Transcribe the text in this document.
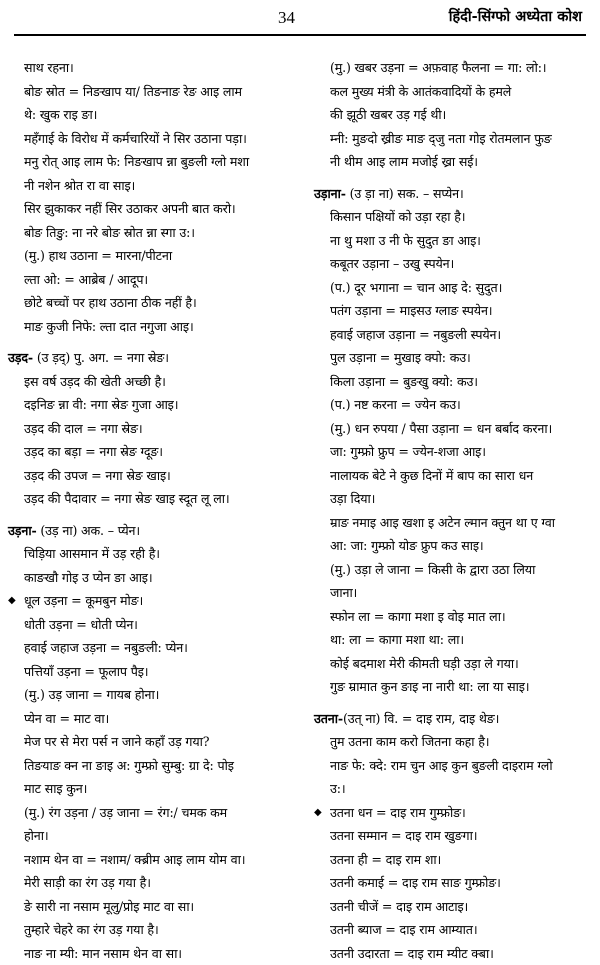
34	हिंदी-सिंग्फो अध्येता कोश
साथ रहना।
बोङ स्रोत = निङखाप या/ तिङनाङ रेङ आइ लाम
थे: खुक राइ ङा।
महँगाई के विरोध में कर्मचारियों ने सिर उठाना पड़ा।
मनु रोत् आइ लाम फे: निङखाप न्ना बुङली ग्लो मशा
नी नशेन श्रोत रा वा साइ।
सिर झुकाकर नहीं सिर उठाकर अपनी बात करो।
बोङ तिङु: ना नरे बोङ स्रोत न्ना स्गा उ:।
(मु.) हाथ उठाना = मारना/पीटना
ल्ता ओ: = आब्रेब / आदूप।
छोटे बच्चों पर हाथ उठाना ठीक नहीं है।
माङ कुजी निफे: ल्ता दात नगुजा आइ।
उड़द- (उ ड़द्) पु. अग. = नगा स्रेङ।
इस वर्ष उड़द की खेती अच्छी है।
दइनिङ न्ना वी: नगा स्रेङ गुजा आइ।
उड़द की दाल = नगा स्रेङ।
उड़द का बड़ा = नगा स्रेङ ग्दूङ।
उड़द की उपज = नगा स्रेङ खाइ।
उड़द की पैदावार = नगा स्रेङ खाइ स्दूत लू ला।
उड़ना- (उड़ ना) अक. – प्येन।
चिड़िया आसमान में उड़ रही है।
काङखौ गोइ उ प्येन ङा आइ।
◆ धूल उड़ना = कूमबुन मोङ।
धोती उड़ना = धोती प्येन।
हवाई जहाज उड़ना = नबुङली: प्येन।
पत्तियाँ उड़ना = फूलाप पैइ।
(मु.) उड़ जाना = गायब होना।
प्येन वा = माट वा।
मेज पर से मेरा पर्स न जाने कहाँ उड़ गया?
तिङयाङ क्न ना ङाइ अ: गुम्फ्रो सुम्बु: ग्रा दे: पोइ
माट साइ कुन।
(मु.) रंग उड़ना / उड़ जाना = रंग:/ चमक कम
होना।
नशाम थेन वा = नशाम/ क्ब्रीम आइ लाम योम वा।
मेरी साड़ी का रंग उड़ गया है।
ङे सारी ना नसाम मूलु/प्रोइ माट वा सा।
तुम्हारे चेहरे का रंग उड़ गया है।
नाङ ना म्यी: मान नसाम थेन वा सा।
(मु.) खबर उड़ना = अफ़वाह फैलना = गा: लो:।
कल मुख्य मंत्री के आतंकवादियों के हमले
की झूठी खबर उड़ गई थी।
म्नी: मुङदो ख्रीङ माङ द्जु नता गोइ रोतमलान फुङ
नी थीम आइ लाम मजोई ख्रा सई।
उड़ाना- (उ ड़ा ना) सक. – सप्येन।
किसान पक्षियों को उड़ा रहा है।
ना थु मशा उ नी फे सुदुत ङा आइ।
कबूतर उड़ाना – उखु स्पयेन।
(प.) दूर भगाना = चान आइ दे: सुदुत।
पतंग उड़ाना = माइसउ ग्लाङ स्पयेन।
हवाई जहाज उड़ाना = नबुङली स्पयेन।
पुल उड़ाना = मुखाइ क्पो: कउ।
किला उड़ाना = बुङखु क्यो: कउ।
(प.) नष्ट करना = ज्येन कउ।
(मु.) धन रुपया / पैसा उड़ाना = धन बर्बाद करना।
जा: गुम्फ्रो फ्रुप = ज्येन-शजा आइ।
नालायक बेटे ने कुछ दिनों में बाप का सारा धन
उड़ा दिया।
म्राङ नमाइ आइ खशा इ अटेन ल्मान क्तुन था ए ग्वा
आ: जा: गुम्फ्रो योङ फ्रुप कउ साइ।
(मु.) उड़ा ले जाना = किसी के द्वारा उठा लिया
जाना।
स्फोन ला = कागा मशा इ वोइ मात ला।
था: ला = कागा मशा था: ला।
कोई बदमाश मेरी कीमती घड़ी उड़ा ले गया।
गुङ म्रामात कुन ङाइ ना नारी था: ला या साइ।
उतना-(उत् ना) वि. = दाइ राम, दाइ थेङ।
तुम उतना काम करो जितना कहा है।
नाङ फे: क्दे: राम चुन आइ कुन बुङली दाइराम ग्लो
उ:।
◆ उतना धन = दाइ राम गुम्फ्रोङ।
उतना सम्मान = दाइ राम खुङगा।
उतना ही = दाइ राम शा।
उतनी कमाई = दाइ राम साङ गुम्फ्रोङ।
उतनी चीजें = दाइ राम आटाइ।
उतनी ब्याज = दाइ राम आम्यात।
उतनी उदारता = दाइ राम म्यीट क्बा।
